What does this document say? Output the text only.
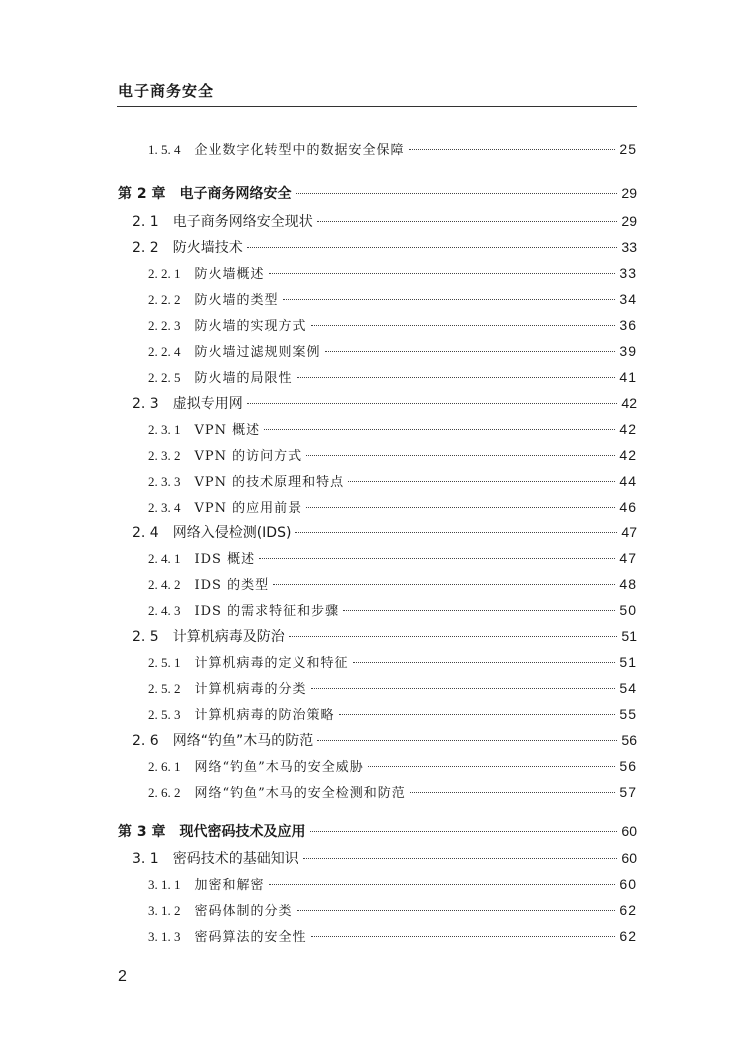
电子商务安全
1. 5. 4 企业数字化转型中的数据安全保障	25
第 2 章 电子商务网络安全	29
2. 1 电子商务网络安全现状	29
2. 2 防火墙技术	33
2. 2. 1 防火墙概述	33
2. 2. 2 防火墙的类型	34
2. 2. 3 防火墙的实现方式	36
2. 2. 4 防火墙过滤规则案例	39
2. 2. 5 防火墙的局限性	41
2. 3 虚拟专用网	42
2. 3. 1 VPN 概述	42
2. 3. 2 VPN 的访问方式	42
2. 3. 3 VPN 的技术原理和特点	44
2. 3. 4 VPN 的应用前景	46
2. 4 网络入侵检测(IDS)	47
2. 4. 1 IDS 概述	47
2. 4. 2 IDS 的类型	48
2. 4. 3 IDS 的需求特征和步骤	50
2. 5 计算机病毒及防治	51
2. 5. 1 计算机病毒的定义和特征	51
2. 5. 2 计算机病毒的分类	54
2. 5. 3 计算机病毒的防治策略	55
2. 6 网络“钓鱼”木马的防范	56
2. 6. 1 网络“钓鱼”木马的安全威胁	56
2. 6. 2 网络“钓鱼”木马的安全检测和防范	57
第 3 章 现代密码技术及应用	60
3. 1 密码技术的基础知识	60
3. 1. 1 加密和解密	60
3. 1. 2 密码体制的分类	62
3. 1. 3 密码算法的安全性	62
2
